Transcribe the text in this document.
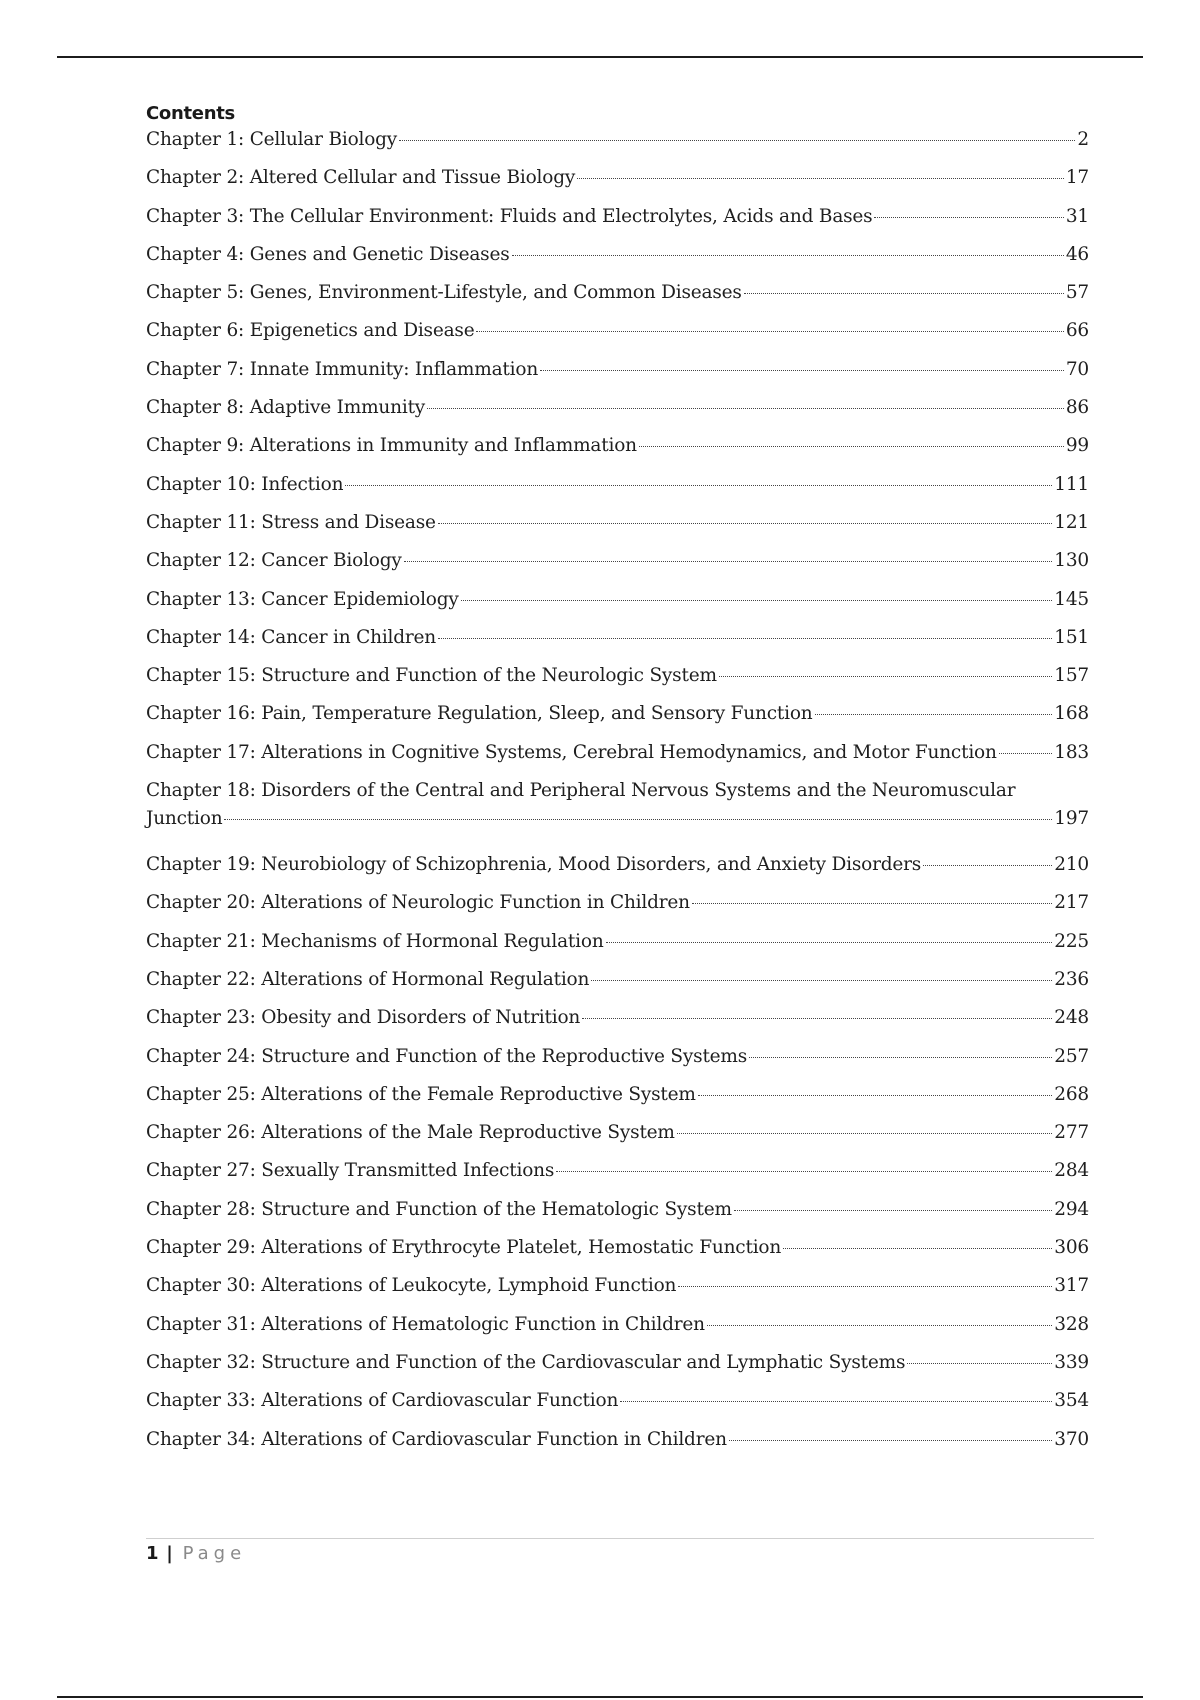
Contents
Chapter 1: Cellular Biology	2
Chapter 2: Altered Cellular and Tissue Biology	17
Chapter 3: The Cellular Environment: Fluids and Electrolytes, Acids and Bases	31
Chapter 4: Genes and Genetic Diseases	46
Chapter 5: Genes, Environment-Lifestyle, and Common Diseases	57
Chapter 6: Epigenetics and Disease	66
Chapter 7: Innate Immunity: Inflammation	70
Chapter 8: Adaptive Immunity	86
Chapter 9: Alterations in Immunity and Inflammation	99
Chapter 10: Infection	111
Chapter 11: Stress and Disease	121
Chapter 12: Cancer Biology	130
Chapter 13: Cancer Epidemiology	145
Chapter 14: Cancer in Children	151
Chapter 15: Structure and Function of the Neurologic System	157
Chapter 16: Pain, Temperature Regulation, Sleep, and Sensory Function	168
Chapter 17: Alterations in Cognitive Systems, Cerebral Hemodynamics, and Motor Function	183
Chapter 18: Disorders of the Central and Peripheral Nervous Systems and the Neuromuscular
Junction	197
Chapter 19: Neurobiology of Schizophrenia, Mood Disorders, and Anxiety Disorders	210
Chapter 20: Alterations of Neurologic Function in Children	217
Chapter 21: Mechanisms of Hormonal Regulation	225
Chapter 22: Alterations of Hormonal Regulation	236
Chapter 23: Obesity and Disorders of Nutrition	248
Chapter 24: Structure and Function of the Reproductive Systems	257
Chapter 25: Alterations of the Female Reproductive System	268
Chapter 26: Alterations of the Male Reproductive System	277
Chapter 27: Sexually Transmitted Infections	284
Chapter 28: Structure and Function of the Hematologic System	294
Chapter 29: Alterations of Erythrocyte Platelet, Hemostatic Function	306
Chapter 30: Alterations of Leukocyte, Lymphoid Function	317
Chapter 31: Alterations of Hematologic Function in Children	328
Chapter 32: Structure and Function of the Cardiovascular and Lymphatic Systems	339
Chapter 33: Alterations of Cardiovascular Function	354
Chapter 34: Alterations of Cardiovascular Function in Children	370
1 | Page
